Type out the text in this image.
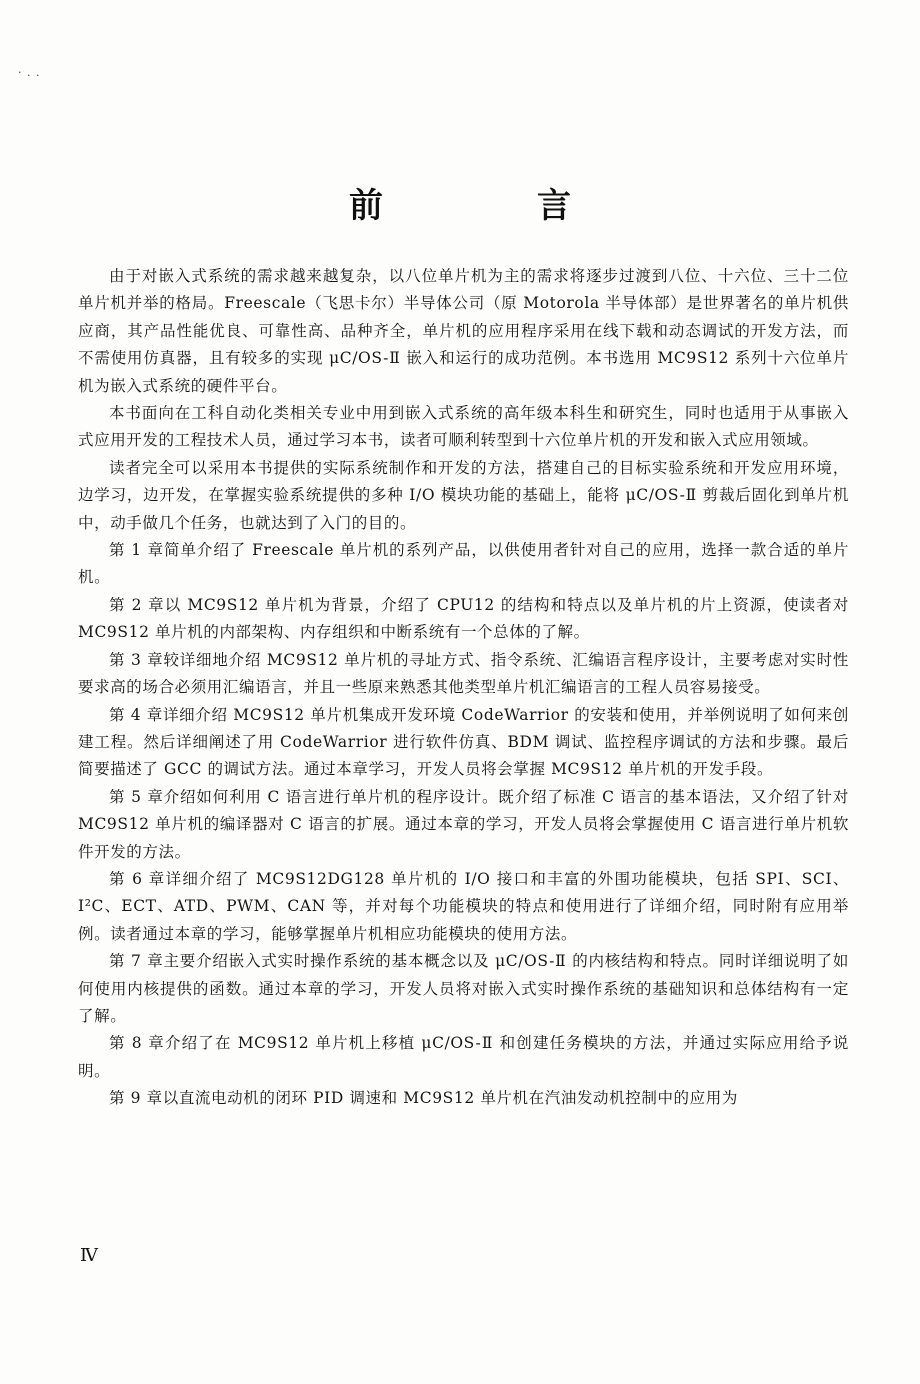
· . .
前　言

由于对嵌入式系统的需求越来越复杂，以八位单片机为主的需求将逐步过渡到八位、十六位、三十二位单片机并举的格局。Freescale（飞思卡尔）半导体公司（原 Motorola 半导体部）是世界著名的单片机供应商，其产品性能优良、可靠性高、品种齐全，单片机的应用程序采用在线下载和动态调试的开发方法，而不需使用仿真器，且有较多的实现 μC/OS-Ⅱ 嵌入和运行的成功范例。本书选用 MC9S12 系列十六位单片机为嵌入式系统的硬件平台。

本书面向在工科自动化类相关专业中用到嵌入式系统的高年级本科生和研究生，同时也适用于从事嵌入式应用开发的工程技术人员，通过学习本书，读者可顺利转型到十六位单片机的开发和嵌入式应用领域。

读者完全可以采用本书提供的实际系统制作和开发的方法，搭建自己的目标实验系统和开发应用环境，边学习，边开发，在掌握实验系统提供的多种 I/O 模块功能的基础上，能将 μC/OS-Ⅱ 剪裁后固化到单片机中，动手做几个任务，也就达到了入门的目的。

第 1 章简单介绍了 Freescale 单片机的系列产品，以供使用者针对自己的应用，选择一款合适的单片机。

第 2 章以 MC9S12 单片机为背景，介绍了 CPU12 的结构和特点以及单片机的片上资源，使读者对 MC9S12 单片机的内部架构、内存组织和中断系统有一个总体的了解。

第 3 章较详细地介绍 MC9S12 单片机的寻址方式、指令系统、汇编语言程序设计，主要考虑对实时性要求高的场合必须用汇编语言，并且一些原来熟悉其他类型单片机汇编语言的工程人员容易接受。

第 4 章详细介绍 MC9S12 单片机集成开发环境 CodeWarrior 的安装和使用，并举例说明了如何来创建工程。然后详细阐述了用 CodeWarrior 进行软件仿真、BDM 调试、监控程序调试的方法和步骤。最后简要描述了 GCC 的调试方法。通过本章学习，开发人员将会掌握 MC9S12 单片机的开发手段。

第 5 章介绍如何利用 C 语言进行单片机的程序设计。既介绍了标准 C 语言的基本语法，又介绍了针对 MC9S12 单片机的编译器对 C 语言的扩展。通过本章的学习，开发人员将会掌握使用 C 语言进行单片机软件开发的方法。

第 6 章详细介绍了 MC9S12DG128 单片机的 I/O 接口和丰富的外围功能模块，包括 SPI、SCI、I²C、ECT、ATD、PWM、CAN 等，并对每个功能模块的特点和使用进行了详细介绍，同时附有应用举例。读者通过本章的学习，能够掌握单片机相应功能模块的使用方法。

第 7 章主要介绍嵌入式实时操作系统的基本概念以及 μC/OS-Ⅱ 的内核结构和特点。同时详细说明了如何使用内核提供的函数。通过本章的学习，开发人员将对嵌入式实时操作系统的基础知识和总体结构有一定了解。

第 8 章介绍了在 MC9S12 单片机上移植 μC/OS-Ⅱ 和创建任务模块的方法，并通过实际应用给予说明。

第 9 章以直流电动机的闭环 PID 调速和 MC9S12 单片机在汽油发动机控制中的应用为

Ⅳ
